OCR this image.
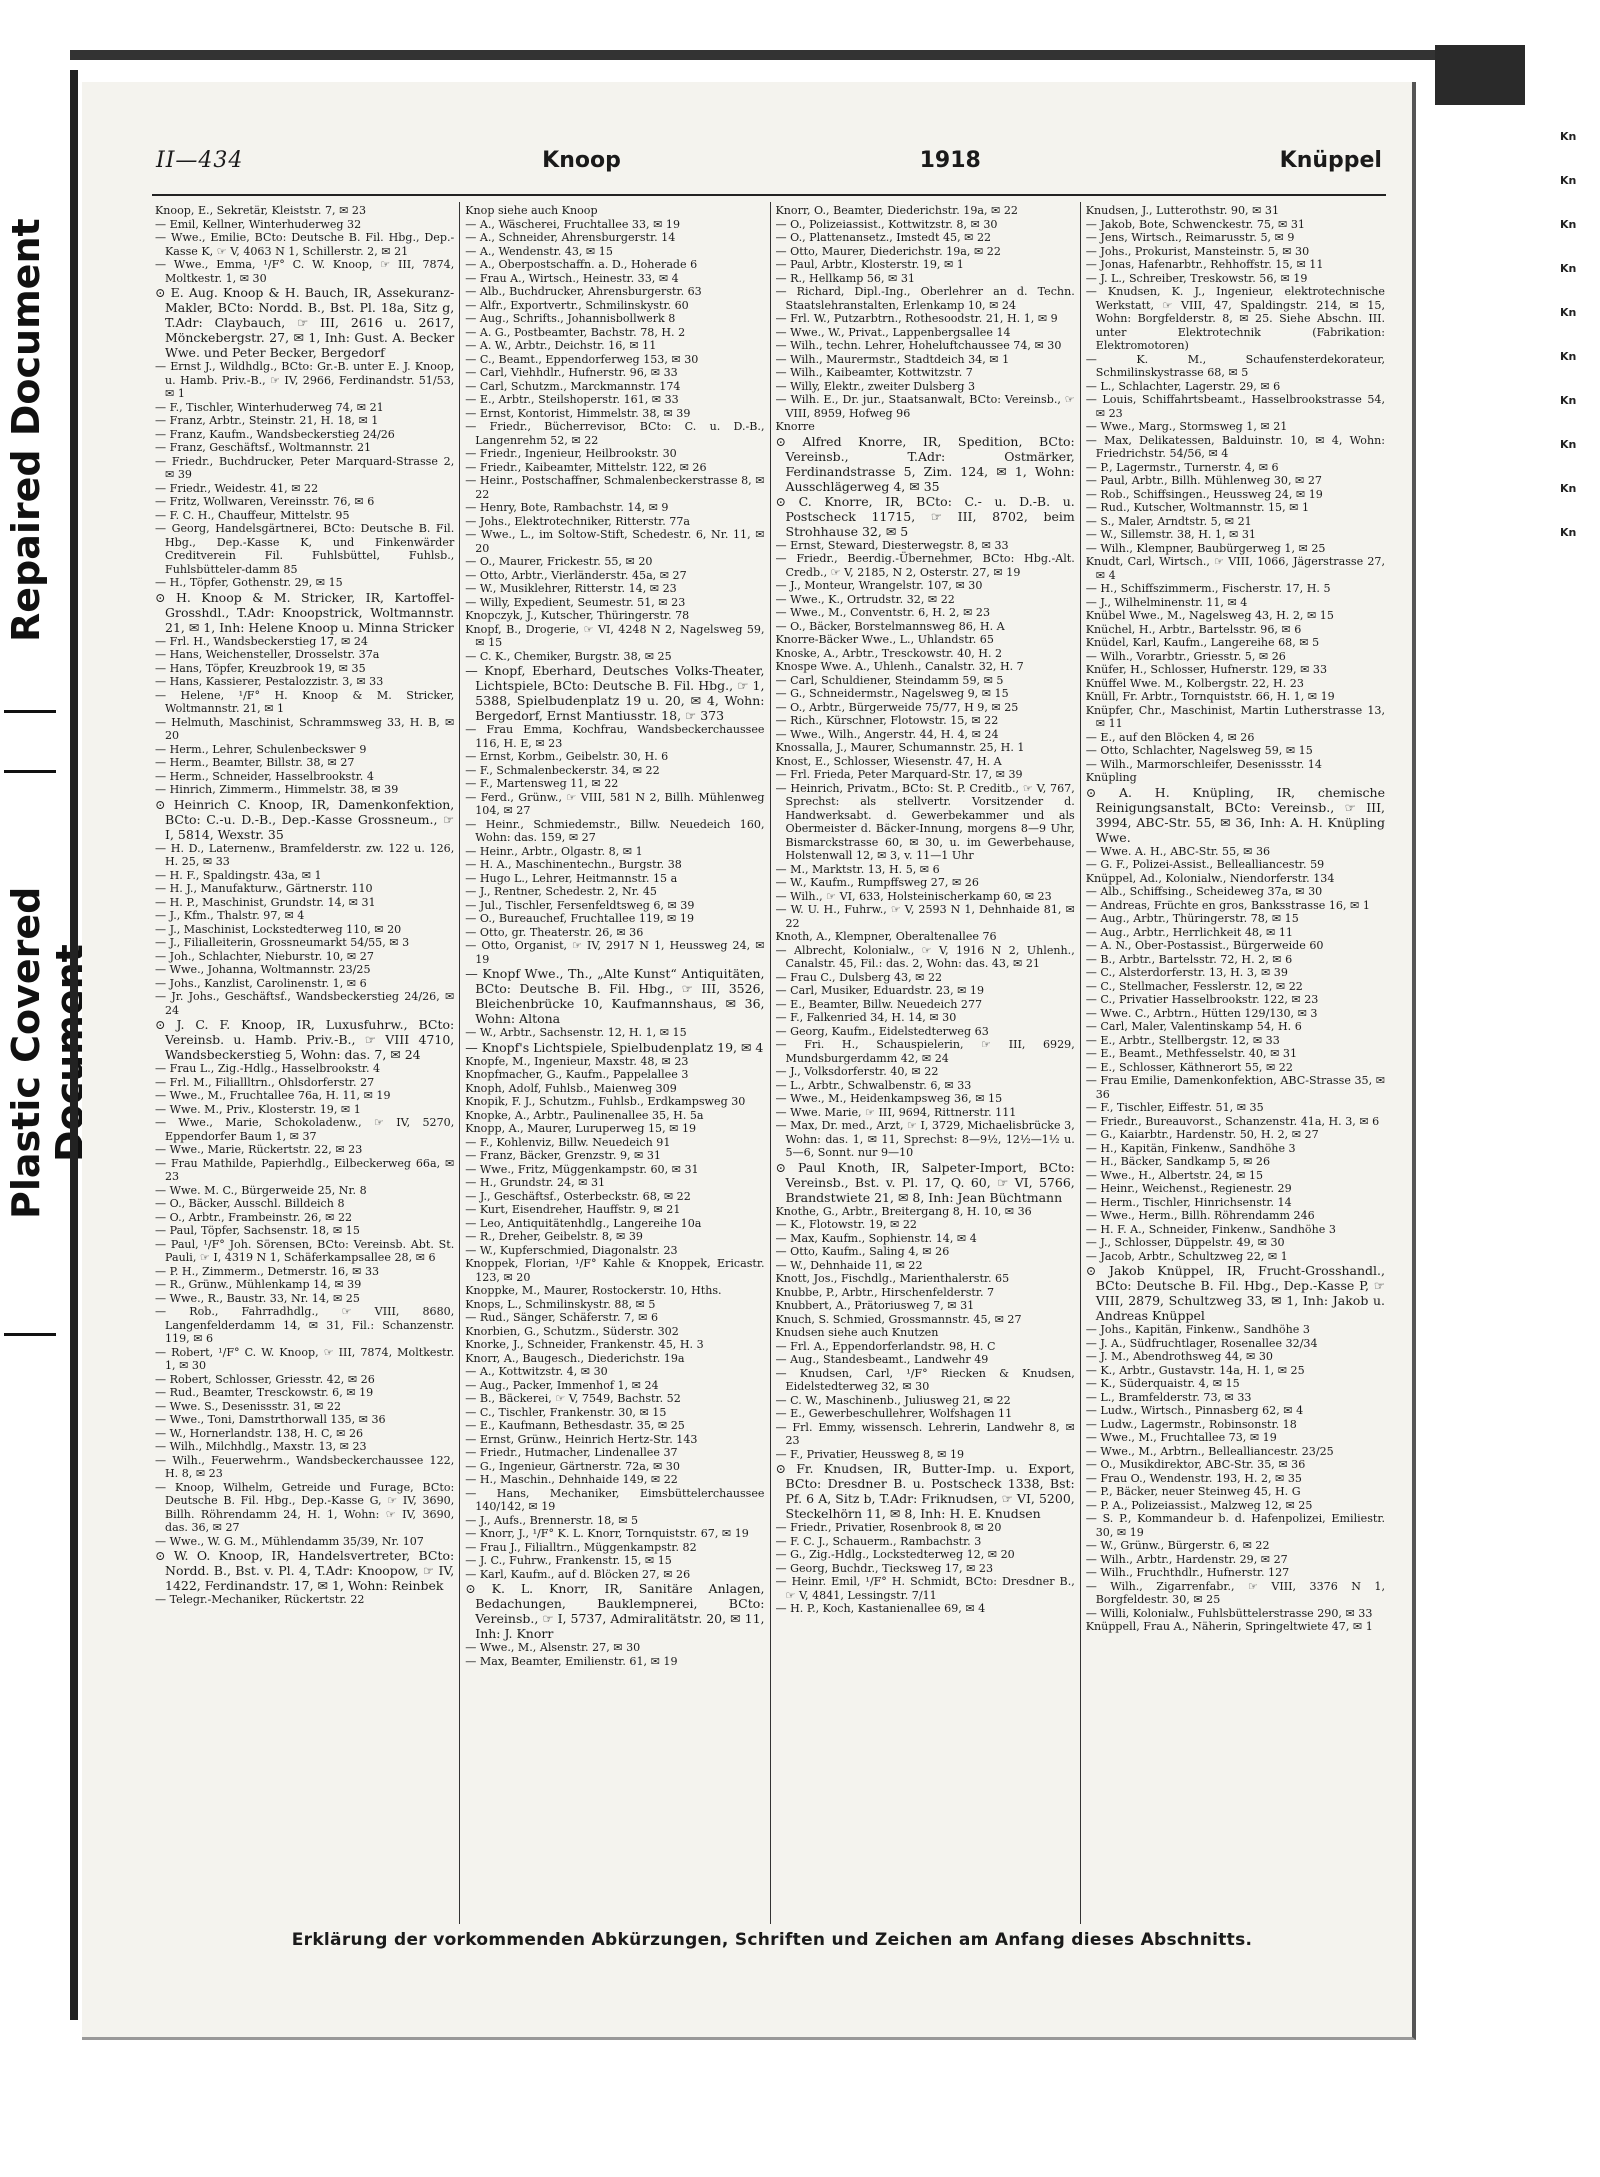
Repaired Document
Plastic Covered
II—434	Knoop	1918	Knüppel

Knoop, E., Sekretär, Kleiststr. 7, ✉ 23

— Emil, Kellner, Winterhuderweg 32

— Wwe., Emilie, BCto: Deutsche B. Fil. Hbg., Dep.-Kasse K, ☞ V, 4063 N 1, Schillerstr. 2, ✉ 21

— Wwe., Emma, ¹/F° C. W. Knoop, ☞ III, 7874, Moltkestr. 1, ✉ 30

⊙ E. Aug. Knoop & H. Bauch, IR, Assekuranz-Makler, BCto: Nordd. B., Bst. Pl. 18a, Sitz g, T.Adr: Claybauch, ☞ III, 2616 u. 2617, Mönckebergstr. 27, ✉ 1, Inh: Gust. A. Becker Wwe. und Peter Becker, Bergedorf

— Ernst J., Wildhdlg., BCto: Gr.-B. unter E. J. Knoop, u. Hamb. Priv.-B., ☞ IV, 2966, Ferdinandstr. 51/53, ✉ 1

— F., Tischler, Winterhuderweg 74, ✉ 21

— Franz, Arbtr., Steinstr. 21, H. 18, ✉ 1

— Franz, Kaufm., Wandsbeckerstieg 24/26

— Franz, Geschäftsf., Woltmannstr. 21

— Friedr., Buchdrucker, Peter Marquard-Strasse 2, ✉ 39

— Friedr., Weidestr. 41, ✉ 22

— Fritz, Wollwaren, Vereinsstr. 76, ✉ 6

— F. C. H., Chauffeur, Mittelstr. 95

— Georg, Handelsgärtnerei, BCto: Deutsche B. Fil. Hbg., Dep.-Kasse K, und Finkenwärder Creditverein Fil. Fuhlsbüttel, Fuhlsb., Fuhlsbütteler-damm 85

— H., Töpfer, Gothenstr. 29, ✉ 15

⊙ H. Knoop & M. Stricker, IR, Kartoffel-Grosshdl., T.Adr: Knoopstrick, Woltmannstr. 21, ✉ 1, Inh: Helene Knoop u. Minna Stricker

— Frl. H., Wandsbeckerstieg 17, ✉ 24

— Hans, Weichensteller, Drosselstr. 37a

— Hans, Töpfer, Kreuzbrook 19, ✉ 35

— Hans, Kassierer, Pestalozzistr. 3, ✉ 33

— Helene, ¹/F° H. Knoop & M. Stricker, Woltmannstr. 21, ✉ 1

— Helmuth, Maschinist, Schrammsweg 33, H. B, ✉ 20

— Herm., Lehrer, Schulenbeckswег 9

— Herm., Beamter, Billstr. 38, ✉ 27

— Herm., Schneider, Hasselbrookstr. 4

— Hinrich, Zimmerm., Himmelstr. 38, ✉ 39

⊙ Heinrich C. Knoop, IR, Damenkonfektion, BCto: C.-u. D.-B., Dep.-Kasse Grossneum., ☞ I, 5814, Wexstr. 35

— H. D., Laternenw., Bramfelderstr. zw. 122 u. 126, H. 25, ✉ 33

— H. F., Spaldingstr. 43a, ✉ 1

— H. J., Manufakturw., Gärtnerstr. 110

— H. P., Maschinist, Grundstr. 14, ✉ 31

— J., Kfm., Thalstr. 97, ✉ 4

— J., Maschinist, Lockstedterweg 110, ✉ 20

— J., Filialleiterin, Grossneumarkt 54/55, ✉ 3

— Joh., Schlachter, Nieburstr. 10, ✉ 27

— Wwe., Johanna, Woltmannstr. 23/25

— Johs., Kanzlist, Carolinenstr. 1, ✉ 6

— Jr. Johs., Geschäftsf., Wandsbeckerstieg 24/26, ✉ 24

⊙ J. C. F. Knoop, IR, Luxusfuhrw., BCto: Vereinsb. u. Hamb. Priv.-B., ☞ VIII 4710, Wandsbeckerstieg 5, Wohn: das. 7, ✉ 24

— Frau L., Zig.-Hdlg., Hasselbrookstr. 4

— Frl. M., Filiallltrn., Ohlsdorferstr. 27

— Wwe., M., Fruchtallee 76a, H. 11, ✉ 19

— Wwe. M., Priv., Klosterstr. 19, ✉ 1

— Wwe., Marie, Schokoladenw., ☞ IV, 5270, Eppendorfer Baum 1, ✉ 37

— Wwe., Marie, Rückertstr. 22, ✉ 23

— Frau Mathilde, Papierhdlg., Eilbeckerweg 66a, ✉ 23

— Wwe. M. C., Bürgerweide 25, Nr. 8

— O., Bäcker, Ausschl. Billdeich 8

— O., Arbtr., Frambeinstr. 26, ✉ 22

— Paul, Töpfer, Sachsenstr. 18, ✉ 15

— Paul, ¹/F° Joh. Sörensen, BCto: Vereinsb. Abt. St. Pauli, ☞ I, 4319 N 1, Schäferkampsallee 28, ✉ 6

— P. H., Zimmerm., Detmerstr. 16, ✉ 33

— R., Grünw., Mühlenkamp 14, ✉ 39

— Wwe., R., Baustr. 33, Nr. 14, ✉ 25

— Rob., Fahrradhdlg., ☞ VIII, 8680, Langenfelderdamm 14, ✉ 31, Fil.: Schanzenstr. 119, ✉ 6

— Robert, ¹/F° C. W. Knoop, ☞ III, 7874, Moltkestr. 1, ✉ 30

— Robert, Schlosser, Griesstr. 42, ✉ 26

— Rud., Beamter, Tresckowstr. 6, ✉ 19

— Wwe. S., Desenissstr. 31, ✉ 22

— Wwe., Toni, Damstrthorwall 135, ✉ 36

— W., Hornerlandstr. 138, H. C, ✉ 26

— Wilh., Milchhdlg., Maxstr. 13, ✉ 23

— Wilh., Feuerwehrm., Wandsbeckerchaussee 122, H. 8, ✉ 23

— Knoop, Wilhelm, Getreide und Furage, BCto: Deutsche B. Fil. Hbg., Dep.-Kasse G, ☞ IV, 3690, Billh. Röhrendamm 24, H. 1, Wohn: ☞ IV, 3690, das. 36, ✉ 27

— Wwe., W. G. M., Mühlendamm 35/39, Nr. 107

⊙ W. O. Knoop, IR, Handelsvertreter, BCto: Nordd. B., Bst. v. Pl. 4, T.Adr: Knoopow, ☞ IV, 1422, Ferdinandstr. 17, ✉ 1, Wohn: Reinbek

— Telegr.-Mechaniker, Rückertstr. 22

Knop siehe auch Knoop

— A., Wäscherei, Fruchtallee 33, ✉ 19

— A., Schneider, Ahrensburgerstr. 14

— A., Wendenstr. 43, ✉ 15

— A., Oberpostschaffn. a. D., Hoherade 6

— Frau A., Wirtsch., Heinestr. 33, ✉ 4

— Alb., Buchdrucker, Ahrensburgerstr. 63

— Alfr., Exportvertr., Schmilinskystr. 60

— Aug., Schrifts., Johannisbollwerk 8

— A. G., Postbeamter, Bachstr. 78, H. 2

— A. W., Arbtr., Deichstr. 16, ✉ 11

— C., Beamt., Eppendorferweg 153, ✉ 30

— Carl, Viehhdlr., Hufnerstr. 96, ✉ 33

— Carl, Schutzm., Marckmannstr. 174

— E., Arbtr., Steilshoperstr. 161, ✉ 33

— Ernst, Kontorist, Himmelstr. 38, ✉ 39

— Friedr., Bücherrevisor, BCto: C. u. D.-B., Langenrehm 52, ✉ 22

— Friedr., Ingenieur, Heilbrookstr. 30

— Friedr., Kaibeamter, Mittelstr. 122, ✉ 26

— Heinr., Postschaffner, Schmalenbeckerstrasse 8, ✉ 22

— Henry, Bote, Rambachstr. 14, ✉ 9

— Johs., Elektrotechniker, Ritterstr. 77a

— Wwe., L., im Soltow-Stift, Schedestr. 6, Nr. 11, ✉ 20

— O., Maurer, Frickestr. 55, ✉ 20

— Otto, Arbtr., Vierländerstr. 45a, ✉ 27

— W., Musiklehrer, Ritterstr. 14, ✉ 23

— Willy, Expedient, Seumestr. 51, ✉ 23

Knopczyk, J., Kutscher, Thüringerstr. 78

Knopf, B., Drogerie, ☞ VI, 4248 N 2, Nagelsweg 59, ✉ 15

— C. K., Chemiker, Burgstr. 38, ✉ 25

— Knopf, Eberhard, Deutsches Volks-Theater, Lichtspiele, BCto: Deutsche B. Fil. Hbg., ☞ 1, 5388, Spielbudenplatz 19 u. 20, ✉ 4, Wohn: Bergedorf, Ernst Mantiusstr. 18, ☞ 373

— Frau Emma, Kochfrau, Wandsbeckerchaussee 116, H. E, ✉ 23

— Ernst, Korbm., Geibelstr. 30, H. 6

— F., Schmalenbeckerstr. 34, ✉ 22

— F., Martensweg 11, ✉ 22

— Ferd., Grünw., ☞ VIII, 581 N 2, Billh. Mühlenweg 104, ✉ 27

— Heinr., Schmiedemstr., Billw. Neuedeich 160, Wohn: das. 159, ✉ 27

— Heinr., Arbtr., Olgastr. 8, ✉ 1

— H. A., Maschinentechn., Burgstr. 38

— Hugo L., Lehrer, Heitmannstr. 15 a

— J., Rentner, Schedestr. 2, Nr. 45

— Jul., Tischler, Fersenfeldtsweg 6, ✉ 39

— O., Bureauchef, Fruchtallee 119, ✉ 19

— Otto, gr. Theaterstr. 26, ✉ 36

— Otto, Organist, ☞ IV, 2917 N 1, Heussweg 24, ✉ 19

— Knopf Wwe., Th., „Alte Kunst“ Antiquitäten, BCto: Deutsche B. Fil. Hbg., ☞ III, 3526, Bleichenbrücke 10, Kaufmannshaus, ✉ 36, Wohn: Altona

— W., Arbtr., Sachsenstr. 12, H. 1, ✉ 15

— Knopf's Lichtspiele, Spielbudenplatz 19, ✉ 4

Knopfe, M., Ingenieur, Maxstr. 48, ✉ 23

Knopfmacher, G., Kaufm., Pappelallee 3

Knoph, Adolf, Fuhlsb., Maienweg 309

Knopik, F. J., Schutzm., Fuhlsb., Erdkampsweg 30

Knopke, A., Arbtr., Paulinenallee 35, H. 5a

Knopp, A., Maurer, Luruperweg 15, ✉ 19

— F., Kohlenviz, Billw. Neuedeich 91

— Franz, Bäcker, Grenzstr. 9, ✉ 31

— Wwe., Fritz, Müggenkampstr. 60, ✉ 31

— H., Grundstr. 24, ✉ 31

— J., Geschäftsf., Osterbeckstr. 68, ✉ 22

— Kurt, Eisendreher, Hauffstr. 9, ✉ 21

— Leo, Antiquitätenhdlg., Langereihe 10a

— R., Dreher, Geibelstr. 8, ✉ 39

— W., Kupferschmied, Diagonalstr. 23

Knoppek, Florian, ¹/F° Kahle & Knoppek, Ericastr. 123, ✉ 20

Knoppke, M., Maurer, Rostockerstr. 10, Hths.

Knops, L., Schmilinskystr. 88, ✉ 5

— Rud., Sänger, Schäferstr. 7, ✉ 6

Knorbien, G., Schutzm., Süderstr. 302

Knorke, J., Schneider, Frankenstr. 45, H. 3

Knorr, A., Baugesch., Diederichstr. 19a

— A., Kottwitzstr. 4, ✉ 30

— Aug., Packer, Immenhof 1, ✉ 24

— B., Bäckerei, ☞ V, 7549, Bachstr. 52

— C., Tischler, Frankenstr. 30, ✉ 15

— E., Kaufmann, Bethesdastr. 35, ✉ 25

— Ernst, Grünw., Heinrich Hertz-Str. 143

— Friedr., Hutmacher, Lindenallee 37

— G., Ingenieur, Gärtnerstr. 72a, ✉ 30

— H., Maschin., Dehnhaide 149, ✉ 22

— Hans, Mechaniker, Eimsbüttelerchaussee 140/142, ✉ 19

— J., Aufs., Brennerstr. 18, ✉ 5

— Knorr, J., ¹/F° K. L. Knorr, Tornquiststr. 67, ✉ 19

— Frau J., Filialltrn., Müggenkampstr. 82

— J. C., Fuhrw., Frankenstr. 15, ✉ 15

— Karl, Kaufm., auf d. Blöcken 27, ✉ 26

⊙ K. L. Knorr, IR, Sanitäre Anlagen, Bedachungen, Bauklempnerei, BCto: Vereinsb., ☞ I, 5737, Admiralitätstr. 20, ✉ 11, Inh: J. Knorr

— Wwe., M., Alsenstr. 27, ✉ 30

— Max, Beamter, Emilienstr. 61, ✉ 19

Knorr, O., Beamter, Diederichstr. 19a, ✉ 22

— O., Polizeiassist., Kottwitzstr. 8, ✉ 30

— O., Plattenansetz., Imstedt 45, ✉ 22

— Otto, Maurer, Diederichstr. 19a, ✉ 22

— Paul, Arbtr., Klosterstr. 19, ✉ 1

— R., Hellkamp 56, ✉ 31

— Richard, Dipl.-Ing., Oberlehrer an d. Techn. Staatslehranstalten, Erlenkamp 10, ✉ 24

— Frl. W., Putzarbtrn., Rothesoodstr. 21, H. 1, ✉ 9

— Wwe., W., Privat., Lappenbergsallee 14

— Wilh., techn. Lehrer, Hoheluftchaussee 74, ✉ 30

— Wilh., Maurermstr., Stadtdeich 34, ✉ 1

— Wilh., Kaibeamter, Kottwitzstr. 7

— Willy, Elektr., zweiter Dulsberg 3

— Wilh. E., Dr. jur., Staatsanwalt, BCto: Vereinsb., ☞ VIII, 8959, Hofweg 96

Knorre

⊙ Alfred Knorre, IR, Spedition, BCto: Vereinsb., T.Adr: Ostmärker, Ferdinandstrasse 5, Zim. 124, ✉ 1, Wohn: Ausschlägerweg 4, ✉ 35

⊙ C. Knorre, IR, BCto: C.- u. D.-B. u. Postscheck 11715, ☞ III, 8702, beim Strohhause 32, ✉ 5

— Ernst, Steward, Diesterwegstr. 8, ✉ 33

— Friedr., Beerdig.-Übernehmer, BCto: Hbg.-Alt. Credb., ☞ V, 2185, N 2, Osterstr. 27, ✉ 19

— J., Monteur, Wrangelstr. 107, ✉ 30

— Wwe., K., Ortrudstr. 32, ✉ 22

— Wwe., M., Conventstr. 6, H. 2, ✉ 23

— O., Bäcker, Borstelmannsweg 86, H. A

Knorre-Bäcker Wwe., L., Uhlandstr. 65

Knoske, A., Arbtr., Tresckowstr. 40, H. 2

Knospe Wwe. A., Uhlenh., Canalstr. 32, H. 7

— Carl, Schuldiener, Steindamm 59, ✉ 5

— G., Schneidermstr., Nagelsweg 9, ✉ 15

— O., Arbtr., Bürgerweide 75/77, H 9, ✉ 25

— Rich., Kürschner, Flotowstr. 15, ✉ 22

— Wwe., Wilh., Angerstr. 44, H. 4, ✉ 24

Knossalla, J., Maurer, Schumannstr. 25, H. 1

Knost, E., Schlosser, Wiesenstr. 47, H. A

— Frl. Frieda, Peter Marquard-Str. 17, ✉ 39

— Heinrich, Privatm., BCto: St. P. Creditb., ☞ V, 767, Sprechst: als stellvertr. Vorsitzender d. Handwerksabt. d. Gewerbekammer und als Obermeister d. Bäcker-Innung, morgens 8—9 Uhr, Bismarckstrasse 60, ✉ 30, u. im Gewerbehause, Holstenwall 12, ✉ 3, v. 11—1 Uhr

— M., Marktstr. 13, H. 5, ✉ 6

— W., Kaufm., Rumpffsweg 27, ✉ 26

— Wilh., ☞ VI, 633, Holsteinischerkamp 60, ✉ 23

— W. U. H., Fuhrw., ☞ V, 2593 N 1, Dehnhaide 81, ✉ 22

Knoth, A., Klempner, Oberaltenallee 76

— Albrecht, Kolonialw., ☞ V, 1916 N 2, Uhlenh., Canalstr. 45, Fil.: das. 2, Wohn: das. 43, ✉ 21

— Frau C., Dulsberg 43, ✉ 22

— Carl, Musiker, Eduardstr. 23, ✉ 19

— E., Beamter, Billw. Neuedeich 277

— F., Falkenried 34, H. 14, ✉ 30

— Georg, Kaufm., Eidelstedterweg 63

— Fri. H., Schauspielerin, ☞ III, 6929, Mundsburgerdamm 42, ✉ 24

— J., Volksdorferstr. 40, ✉ 22

— L., Arbtr., Schwalbenstr. 6, ✉ 33

— Wwe., M., Heidenkampsweg 36, ✉ 15

— Wwe. Marie, ☞ III, 9694, Rittnerstr. 111

— Max, Dr. med., Arzt, ☞ I, 3729, Michaelisbrücke 3, Wohn: das. 1, ✉ 11, Sprechst: 8—9½, 12½—1½ u. 5—6, Sonnt. nur 9—10

⊙ Paul Knoth, IR, Salpeter-Import, BCto: Vereinsb., Bst. v. Pl. 17, Q. 60, ☞ VI, 5766, Brandstwiete 21, ✉ 8, Inh: Jean Büchtmann

Knothe, G., Arbtr., Breitergang 8, H. 10, ✉ 36

— K., Flotowstr. 19, ✉ 22

— Max, Kaufm., Sophienstr. 14, ✉ 4

— Otto, Kaufm., Saling 4, ✉ 26

— W., Dehnhaide 11, ✉ 22

Knott, Jos., Fischdlg., Marienthalerstr. 65

Knubbe, P., Arbtr., Hirschenfelderstr. 7

Knubbert, A., Prätoriusweg 7, ✉ 31

Knuch, S. Schmied, Grossmannstr. 45, ✉ 27

Knudsen siehe auch Knutzen

— Frl. A., Eppendorferlandstr. 98, H. C

— Aug., Standesbeamt., Landwehr 49

— Knudsen, Carl, ¹/F° Riecken & Knudsen, Eidelstedterweg 32, ✉ 30

— C. W., Maschinenb., Juliusweg 21, ✉ 22

— E., Gewerbeschullehrer, Wolfshagen 11

— Frl. Emmy, wissensch. Lehrerin, Landwehr 8, ✉ 23

— F., Privatier, Heussweg 8, ✉ 19

⊙ Fr. Knudsen, IR, Butter-Imp. u. Export, BCto: Dresdner B. u. Postscheck 1338, Bst: Pf. 6 A, Sitz b, T.Adr: Friknudsen, ☞ VI, 5200, Steckelhörn 11, ✉ 8, Inh: H. E. Knudsen

— Friedr., Privatier, Rosenbrook 8, ✉ 20

— F. C. J., Schauerm., Rambachstr. 3

— G., Zig.-Hdlg., Lockstedterweg 12, ✉ 20

— Georg, Buchdr., Tiecksweg 17, ✉ 23

— Heinr. Emil, ¹/F° H. Schmidt, BCto: Dresdner B., ☞ V, 4841, Lessingstr. 7/11

— H. P., Koch, Kastanienallee 69, ✉ 4

Knudsen, J., Lutterothstr. 90, ✉ 31

— Jakob, Bote, Schwenckestr. 75, ✉ 31

— Jens, Wirtsch., Reimarusstr. 5, ✉ 9

— Johs., Prokurist, Mansteinstr. 5, ✉ 30

— Jonas, Hafenarbtr., Rehhoffstr. 15, ✉ 11

— J. L., Schreiber, Treskowstr. 56, ✉ 19

— Knudsen, K. J., Ingenieur, elektrotechnische Werkstatt, ☞ VIII, 47, Spaldingstr. 214, ✉ 15, Wohn: Borgfelderstr. 8, ✉ 25. Siehe Abschn. III. unter Elektrotechnik (Fabrikation: Elektromotoren)

— K. M., Schaufensterdekorateur, Schmilinskystrasse 68, ✉ 5

— L., Schlachter, Lagerstr. 29, ✉ 6

— Louis, Schiffahrtsbeamt., Hasselbrookstrasse 54, ✉ 23

— Wwe., Marg., Stormsweg 1, ✉ 21

— Max, Delikatessen, Balduinstr. 10, ✉ 4, Wohn: Friedrichstr. 54/56, ✉ 4

— P., Lagermstr., Turnerstr. 4, ✉ 6

— Paul, Arbtr., Billh. Mühlenweg 30, ✉ 27

— Rob., Schiffsingen., Heussweg 24, ✉ 19

— Rud., Kutscher, Woltmannstr. 15, ✉ 1

— S., Maler, Arndtstr. 5, ✉ 21

— W., Sillemstr. 38, H. 1, ✉ 31

— Wilh., Klempner, Baubürgerweg 1, ✉ 25

Knudt, Carl, Wirtsch., ☞ VIII, 1066, Jägerstrasse 27, ✉ 4

— H., Schiffszimmerm., Fischerstr. 17, H. 5

— J., Wilhelminenstr. 11, ✉ 4

Knübel Wwe., M., Nagelsweg 43, H. 2, ✉ 15

Knüchel, H., Arbtr., Bartelsstr. 96, ✉ 6

Knüdel, Karl, Kaufm., Langereihe 68, ✉ 5

— Wilh., Vorarbtr., Griesstr. 5, ✉ 26

Knüfer, H., Schlosser, Hufnerstr. 129, ✉ 33

Knüffel Wwe. M., Kolbergstr. 22, H. 23

Knüll, Fr. Arbtr., Tornquiststr. 66, H. 1, ✉ 19

Knüpfer, Chr., Maschinist, Martin Lutherstrasse 13, ✉ 11

— E., auf den Blöcken 4, ✉ 26

— Otto, Schlachter, Nagelsweg 59, ✉ 15

— Wilh., Marmorschleifer, Desenissstr. 14

Knüpling

⊙ A. H. Knüpling, IR, chemische Reinigungsanstalt, BCto: Vereinsb., ☞ III, 3994, ABC-Str. 55, ✉ 36, Inh: A. H. Knüpling Wwe.

— Wwe. A. H., ABC-Str. 55, ✉ 36

— G. F., Polizei-Assist., Bellealliancestr. 59

Knüppel, Ad., Kolonialw., Niendorferstr. 134

— Alb., Schiffsing., Scheideweg 37a, ✉ 30

— Andreas, Früchte en gros, Banksstrasse 16, ✉ 1

— Aug., Arbtr., Thüringerstr. 78, ✉ 15

— Aug., Arbtr., Herrlichkeit 48, ✉ 11

— A. N., Ober-Postassist., Bürgerweide 60

— B., Arbtr., Bartelsstr. 72, H. 2, ✉ 6

— C., Alsterdorferstr. 13, H. 3, ✉ 39

— C., Stellmacher, Fesslerstr. 12, ✉ 22

— C., Privatier Hasselbrookstr. 122, ✉ 23

— Wwe. C., Arbtrn., Hütten 129/130, ✉ 3

— Carl, Maler, Valentinskamp 54, H. 6

— E., Arbtr., Stellbergstr. 12, ✉ 33

— E., Beamt., Methfesselstr. 40, ✉ 31

— E., Schlosser, Käthnerort 55, ✉ 22

— Frau Emilie, Damenkonfektion, ABC-Strasse 35, ✉ 36

— F., Tischler, Eiffestr. 51, ✉ 35

— Friedr., Bureauvorst., Schanzenstr. 41a, H. 3, ✉ 6

— G., Kaiarbtr., Hardenstr. 50, H. 2, ✉ 27

— H., Kapitän, Finkenw., Sandhöhe 3

— H., Bäcker, Sandkamp 5, ✉ 26

— Wwe., H., Albertstr. 24, ✉ 15

— Heinr., Weichenst., Regienestr. 29

— Herm., Tischler, Hinrichsenstr. 14

— Wwe., Herm., Billh. Röhrendamm 246

— H. F. A., Schneider, Finkenw., Sandhöhe 3

— J., Schlosser, Düppelstr. 49, ✉ 30

— Jacob, Arbtr., Schultzweg 22, ✉ 1

⊙ Jakob Knüppel, IR, Frucht-Grosshandl., BCto: Deutsche B. Fil. Hbg., Dep.-Kasse P, ☞ VIII, 2879, Schultzweg 33, ✉ 1, Inh: Jakob u. Andreas Knüppel

— Johs., Kapitän, Finkenw., Sandhöhe 3

— J. A., Südfruchtlager, Rosenallee 32/34

— J. M., Abendrothsweg 44, ✉ 30

— K., Arbtr., Gustavstr. 14a, H. 1, ✉ 25

— K., Süderquaistr. 4, ✉ 15

— L., Bramfelderstr. 73, ✉ 33

— Ludw., Wirtsch., Pinnasberg 62, ✉ 4

— Ludw., Lagermstr., Robinsonstr. 18

— Wwe., M., Fruchtallee 73, ✉ 19

— Wwe., M., Arbtrn., Bellealliancestr. 23/25

— O., Musikdirektor, ABC-Str. 35, ✉ 36

— Frau O., Wendenstr. 193, H. 2, ✉ 35

— P., Bäcker, neuer Steinweg 45, H. G

— P. A., Polizeiassist., Malzweg 12, ✉ 25

— S. P., Kommandeur b. d. Hafenpolizei, Emiliestr. 30, ✉ 19

— W., Grünw., Bürgerstr. 6, ✉ 22

— Wilh., Arbtr., Hardenstr. 29, ✉ 27

— Wilh., Fruchthdlr., Hufnerstr. 127

— Wilh., Zigarrenfabr., ☞ VIII, 3376 N 1, Borgfeldestr. 30, ✉ 25

— Willi, Kolonialw., Fuhlsbüttelerstrasse 290, ✉ 33

Knüppell, Frau A., Näherin, Springeltwiete 47, ✉ 1

Erklärung der vorkommenden Abkürzungen, Schriften und Zeichen am Anfang dieses Abschnitts.
Kn
Kn
Kn
Kn
Kn
Kn
Kn
Kn
Kn
Kn
